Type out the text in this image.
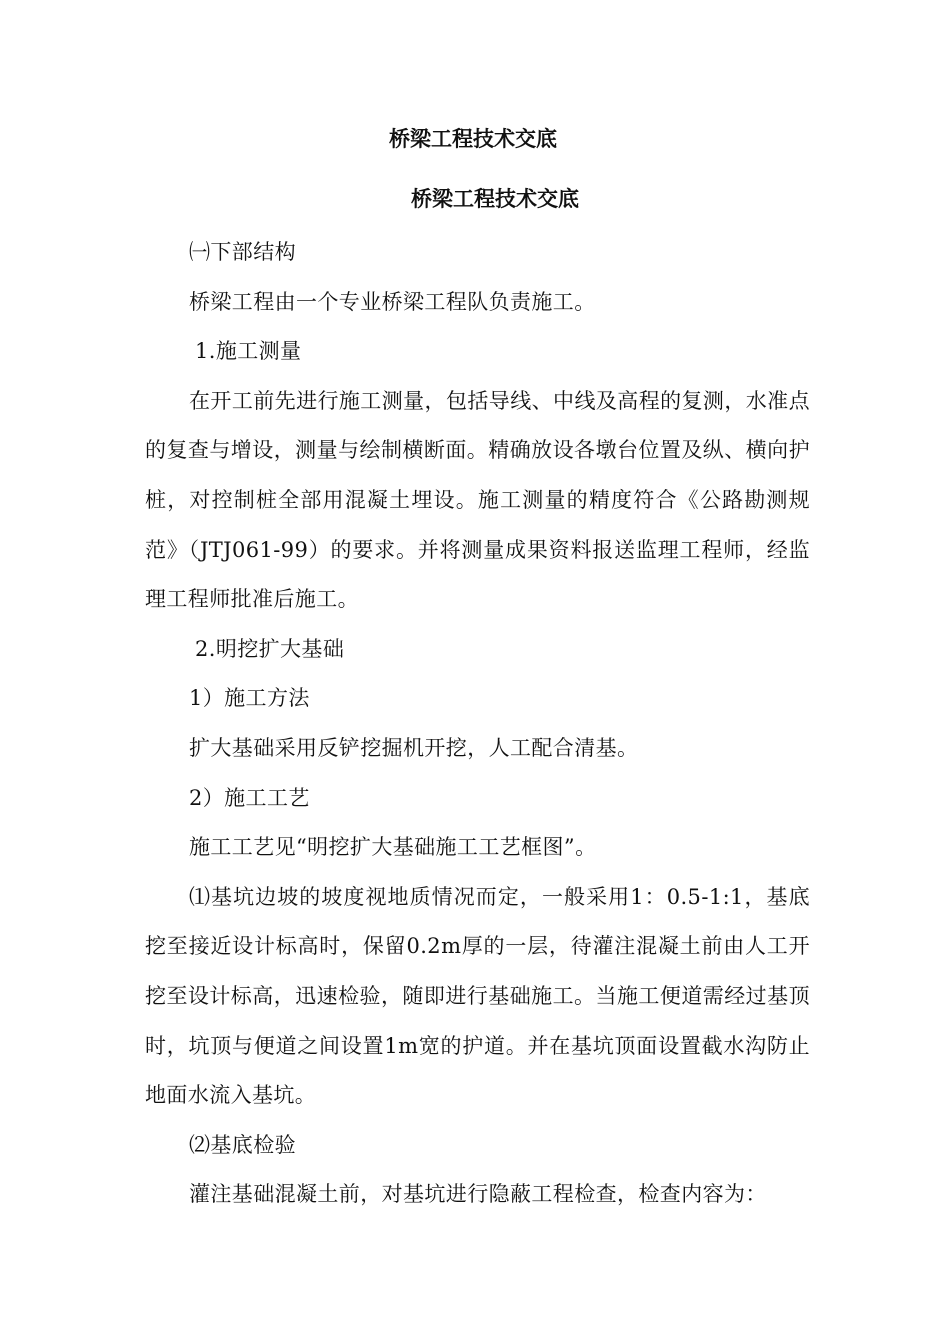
桥梁工程技术交底
桥梁工程技术交底

㈠下部结构

桥梁工程由一个专业桥梁工程队负责施工。

1.施工测量

在开工前先进行施工测量，包括导线、中线及高程的复测，水准点的复查与增设，测量与绘制横断面。精确放设各墩台位置及纵、横向护桩，对控制桩全部用混凝土埋设。施工测量的精度符合《公路勘测规范》（JTJ061-99）的要求。并将测量成果资料报送监理工程师，经监理工程师批准后施工。

2.明挖扩大基础

1）施工方法

扩大基础采用反铲挖掘机开挖，人工配合清基。

2）施工工艺

施工工艺见“明挖扩大基础施工工艺框图”。

⑴基坑边坡的坡度视地质情况而定，一般采用1：0.5-1:1，基底挖至接近设计标高时，保留0.2m厚的一层，待灌注混凝土前由人工开挖至设计标高，迅速检验，随即进行基础施工。当施工便道需经过基顶时，坑顶与便道之间设置1m宽的护道。并在基坑顶面设置截水沟防止地面水流入基坑。

⑵基底检验

灌注基础混凝土前，对基坑进行隐蔽工程检查，检查内容为：
